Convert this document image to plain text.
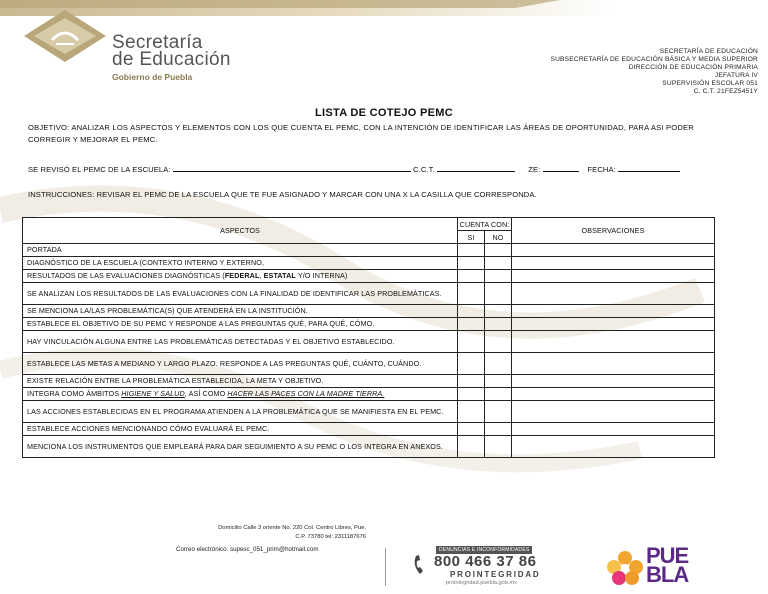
Secretaría
de Educación
Gobierno de Puebla
SECRETARÍA DE EDUCACIÓN
SUBSECRETARÍA DE EDUCACIÓN BÁSICA Y MEDIA SUPERIOR
DIRECCIÓN DE EDUCACIÓN PRIMARIA
JEFATURA IV
SUPERVISIÓN ESCOLAR 051
C. C.T. 21FEZ5451Y
LISTA DE COTEJO PEMC
OBJETIVO: ANALIZAR LOS ASPECTOS Y ELEMENTOS CON LOS QUE CUENTA EL PEMC, CON LA INTENCIÓN DE IDENTIFICAR LAS ÁREAS DE OPORTUNIDAD, PARA ASI PODER CORREGIR Y MEJORAR EL PEMC.
SE REVISÓ EL PEMC DE LA ESCUELA:	C.C.T.	ZE:	FECHA:
INSTRUCCIONES: REVISAR EL PEMC DE LA ESCUELA QUE TE FUE ASIGNADO Y MARCAR CON UNA X LA CASILLA QUE CORRESPONDA.
ASPECTOS	CUENTA CON:		OBSERVACIONES
	SI	NO	
PORTADA			
DIAGNÓSTICO DE LA ESCUELA (CONTEXTO INTERNO Y EXTERNO,			
RESULTADOS DE LAS EVALUACIONES DIAGNÓSTICAS (FEDERAL, ESTATAL Y/O INTERNA)			
SE ANALIZAN LOS RESULTADOS DE LAS EVALUACIONES CON LA FINALIDAD DE IDENTIFICAR LAS PROBLEMÁTICAS.			
SE MENCIONA LA/LAS PROBLEMÁTICA(S) QUE ATENDERÁ EN LA INSTITUCIÓN.			
ESTABLECE EL OBJETIVO DE SU PEMC Y RESPONDE A LAS PREGUNTAS QUÉ, PARA QUÉ, CÓMO.			
HAY VINCULACIÓN ALGUNA ENTRE LAS PROBLEMÁTICAS DETECTADAS Y EL OBJETIVO ESTABLECIDO.			
ESTABLECE LAS METAS A MEDIANO Y LARGO PLAZO. RESPONDE A LAS PREGUNTAS QUÉ, CUÁNTO, CUÁNDO.			
EXISTE RELACIÓN ENTRE LA PROBLEMÁTICA ESTABLECIDA, LA META Y OBJETIVO.			
INTEGRA COMO ÁMBITOS HIGIENE Y SALUD, ASÍ COMO HACER LAS PACES CON LA MADRE TIERRA.			
LAS ACCIONES ESTABLECIDAS EN EL PROGRAMA ATIENDEN A LA PROBLEMÁTICA QUE SE MANIFIESTA EN EL PEMC.			
ESTABLECE ACCIONES MENCIONANDO CÓMO EVALUARÁ EL PEMC.			
MENCIONA LOS INSTRUMENTOS QUE EMPLEARÁ PARA DAR SEGUIMIENTO A SU PEMC O LOS INTEGRA EN ANEXOS.			
Domicilio Calle 3 oriente No. 220 Col. Centro Libres, Pue.
C.P. 73780 tel: 2311187676
Correo electrónico: supesc_051_prim@hotmail.com	DENUNCIAS E INCONFORMIDADES
800 466 37 86
PROINTEGRIDAD
prointegridad.puebla.gob.mx
PUE
BLA
